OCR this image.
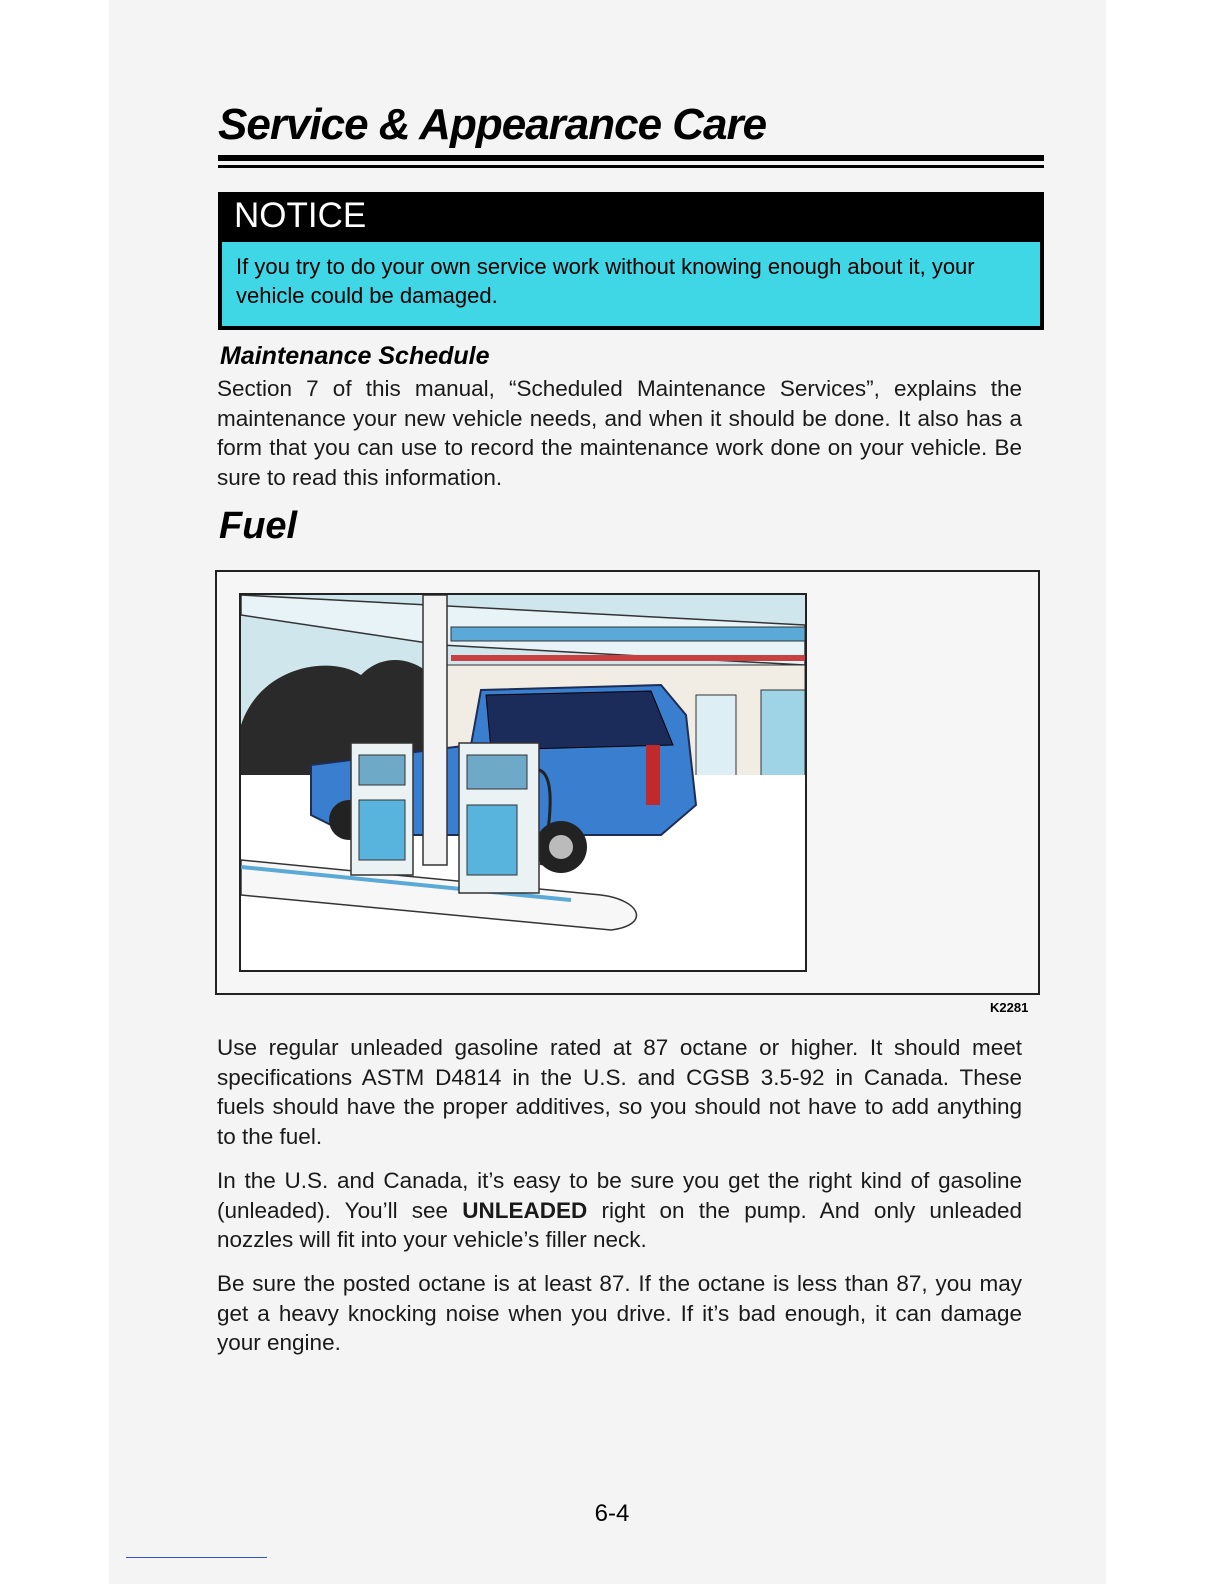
Service & Appearance Care
NOTICE
If you try to do your own service work without knowing enough about it, your vehicle could be damaged.
Maintenance Schedule

Section 7 of this manual, “Scheduled Maintenance Services”, explains the maintenance your new vehicle needs, and when it should be done. It also has a form that you can use to record the maintenance work done on your vehicle. Be sure to read this information.

Fuel
K2281

Use regular unleaded gasoline rated at 87 octane or higher. It should meet specifications ASTM D4814 in the U.S. and CGSB 3.5-92 in Canada. These fuels should have the proper additives, so you should not have to add anything to the fuel.

In the U.S. and Canada, it’s easy to be sure you get the right kind of gasoline (unleaded). You’ll see UNLEADED right on the pump. And only unleaded nozzles will fit into your vehicle’s filler neck.

Be sure the posted octane is at least 87. If the octane is less than 87, you may get a heavy knocking noise when you drive. If it’s bad enough, it can damage your engine.

6-4
